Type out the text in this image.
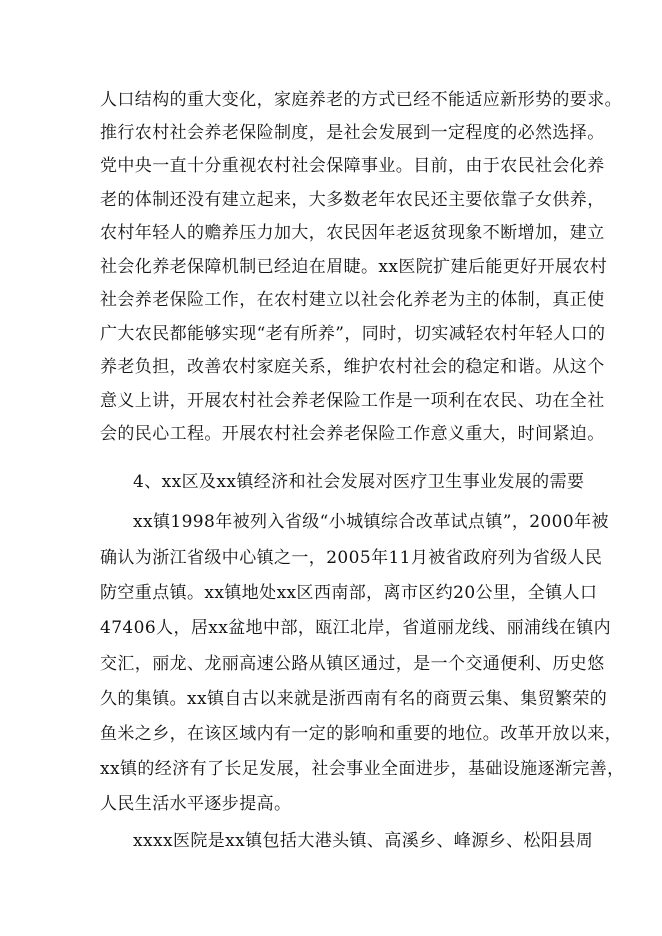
人口结构的重大变化，家庭养老的方式已经不能适应新形势的要求。
推行农村社会养老保险制度，是社会发展到一定程度的必然选择。
党中央一直十分重视农村社会保障事业。目前，由于农民社会化养
老的体制还没有建立起来，大多数老年农民还主要依靠子女供养，
农村年轻人的赡养压力加大，农民因年老返贫现象不断增加，建立
社会化养老保障机制已经迫在眉睫。xx医院扩建后能更好开展农村
社会养老保险工作，在农村建立以社会化养老为主的体制，真正使
广大农民都能够实现“老有所养”，同时，切实减轻农村年轻人口的
养老负担，改善农村家庭关系，维护农村社会的稳定和谐。从这个
意义上讲，开展农村社会养老保险工作是一项利在农民、功在全社
会的民心工程。开展农村社会养老保险工作意义重大，时间紧迫。
4、xx区及xx镇经济和社会发展对医疗卫生事业发展的需要
xx镇1998年被列入省级“小城镇综合改革试点镇”，2000年被
确认为浙江省级中心镇之一，2005年11月被省政府列为省级人民
防空重点镇。xx镇地处xx区西南部，离市区约20公里，全镇人口
47406人，居xx盆地中部，瓯江北岸，省道丽龙线、丽浦线在镇内
交汇，丽龙、龙丽高速公路从镇区通过，是一个交通便利、历史悠
久的集镇。xx镇自古以来就是浙西南有名的商贾云集、集贸繁荣的
鱼米之乡，在该区域内有一定的影响和重要的地位。改革开放以来，
xx镇的经济有了长足发展，社会事业全面进步，基础设施逐渐完善，
人民生活水平逐步提高。
xxxx医院是xx镇包括大港头镇、高溪乡、峰源乡、松阳县周
